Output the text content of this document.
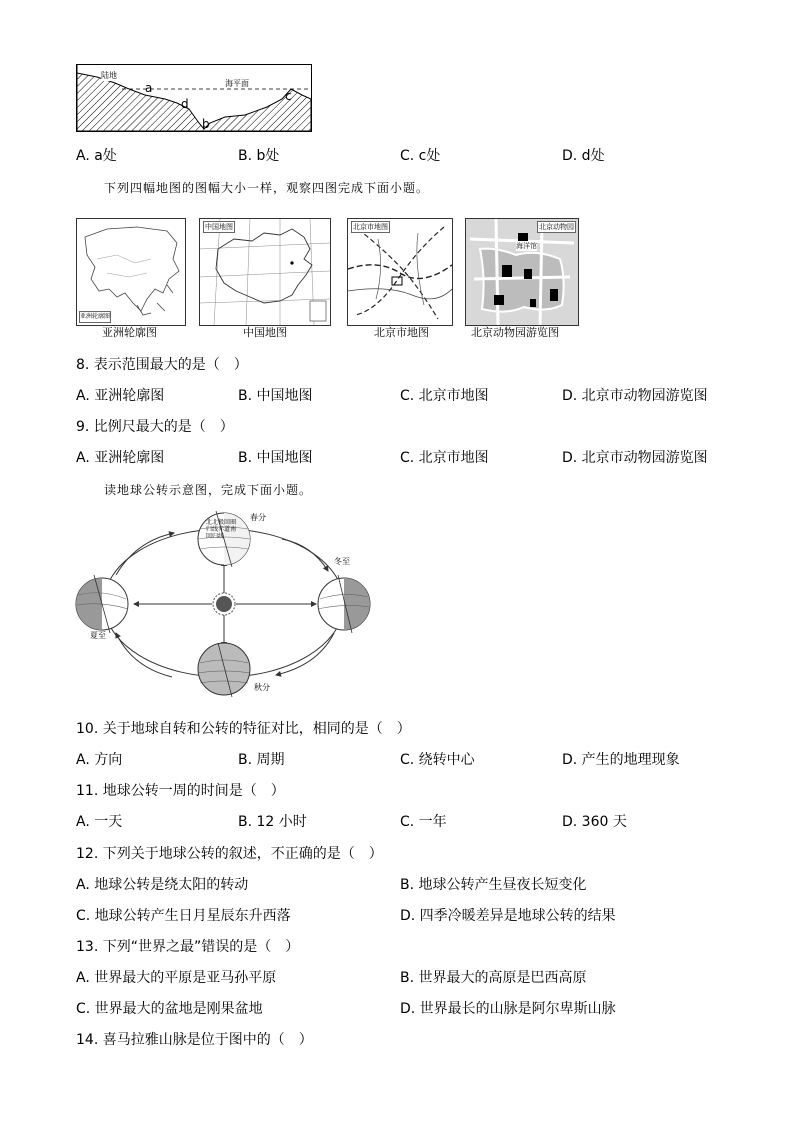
陆地
海平面
a
d
c
b
A. a处	B. b处	C. c处	D. d处
下列四幅地图的图幅大小一样，观察四图完成下面小题。
亚洲轮廓图
中国地图	北京市地图	北京动物园
海洋馆
亚洲轮廓图	中国地图	北京市地图	北京动物园游览图
8. 表示范围最大的是（　）
A. 亚洲轮廓图	B. 中国地图	C. 北京市地图	D. 北京市动物园游览图
9. 比例尺最大的是（　）
A. 亚洲轮廓图	B. 中国地图	C. 北京市地图	D. 北京市动物园游览图
读地球公转示意图，完成下面小题。
春分
夏至
冬至
秋分
北北极回圈归线赤道南回归线
10. 关于地球自转和公转的特征对比，相同的是（　）
A. 方向	B. 周期	C. 绕转中心	D. 产生的地理现象
11. 地球公转一周的时间是（　）
A. 一天	B. 12 小时	C. 一年	D. 360 天
12. 下列关于地球公转的叙述，不正确的是（　）
A. 地球公转是绕太阳的转动	B. 地球公转产生昼夜长短变化
C. 地球公转产生日月星辰东升西落	D. 四季冷暖差异是地球公转的结果
13. 下列“世界之最”错误的是（　）
A. 世界最大的平原是亚马孙平原	B. 世界最大的高原是巴西高原
C. 世界最大的盆地是刚果盆地	D. 世界最长的山脉是阿尔卑斯山脉
14. 喜马拉雅山脉是位于图中的（　）
